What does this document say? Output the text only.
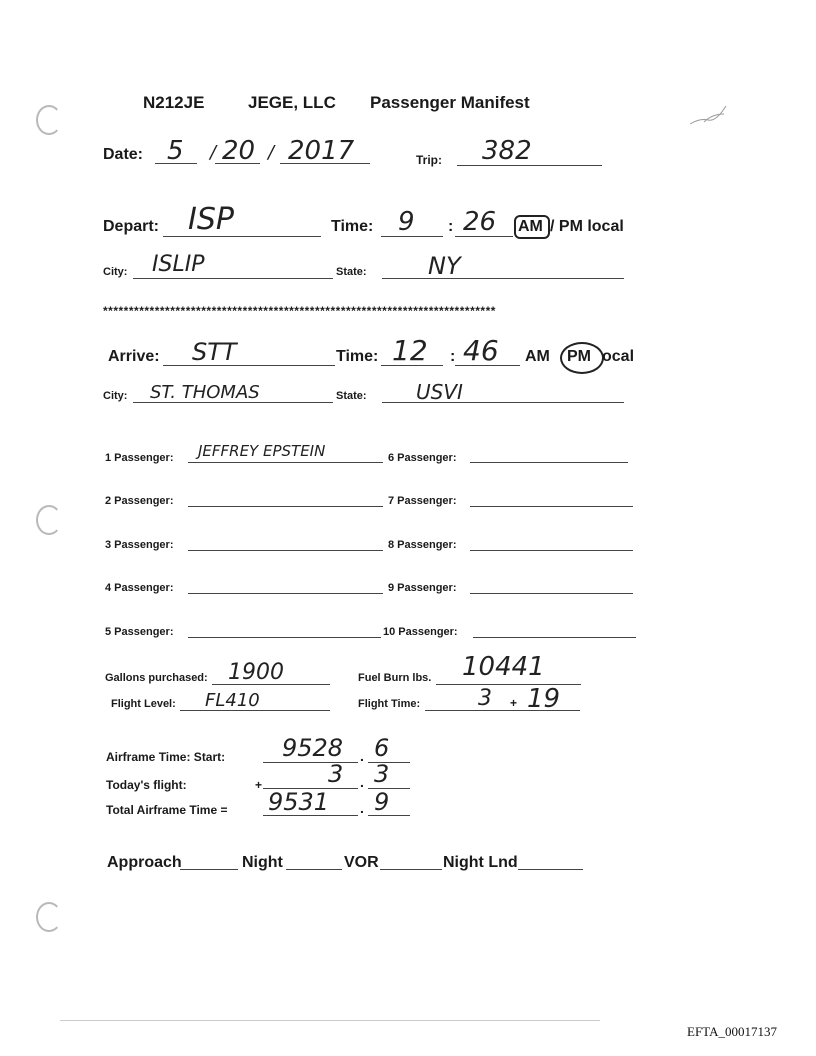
N212JE	JEGE, LLC Passenger Manifest
Date: 5 / 20 / 2017	Trip: 382
Depart: ISP	Time: 9 : 26 AM / PM local
City: ISLIP	State:	NY
****************************************************************************
Arrive: STT	Time: 12 : 46 AM PM ocal
City: ST. THOMAS	State: USVI
1 Passenger: JEFFREY EPSTEIN	6 Passenger:
2 Passenger:	7 Passenger:
3 Passenger:	8 Passenger:
4 Passenger:	9 Passenger:
5 Passenger:	10 Passenger:
Gallons purchased: 1900	Fuel Burn lbs. 10441
Flight Level: FL410	Flight Time:	3 + 19
Airframe Time: Start: 9528 . 6
Today's flight:	+	3 . 3
Total Airframe Time = 9531 . 9
Approach	Night	VOR	Night Lnd
EFTA_00017137
